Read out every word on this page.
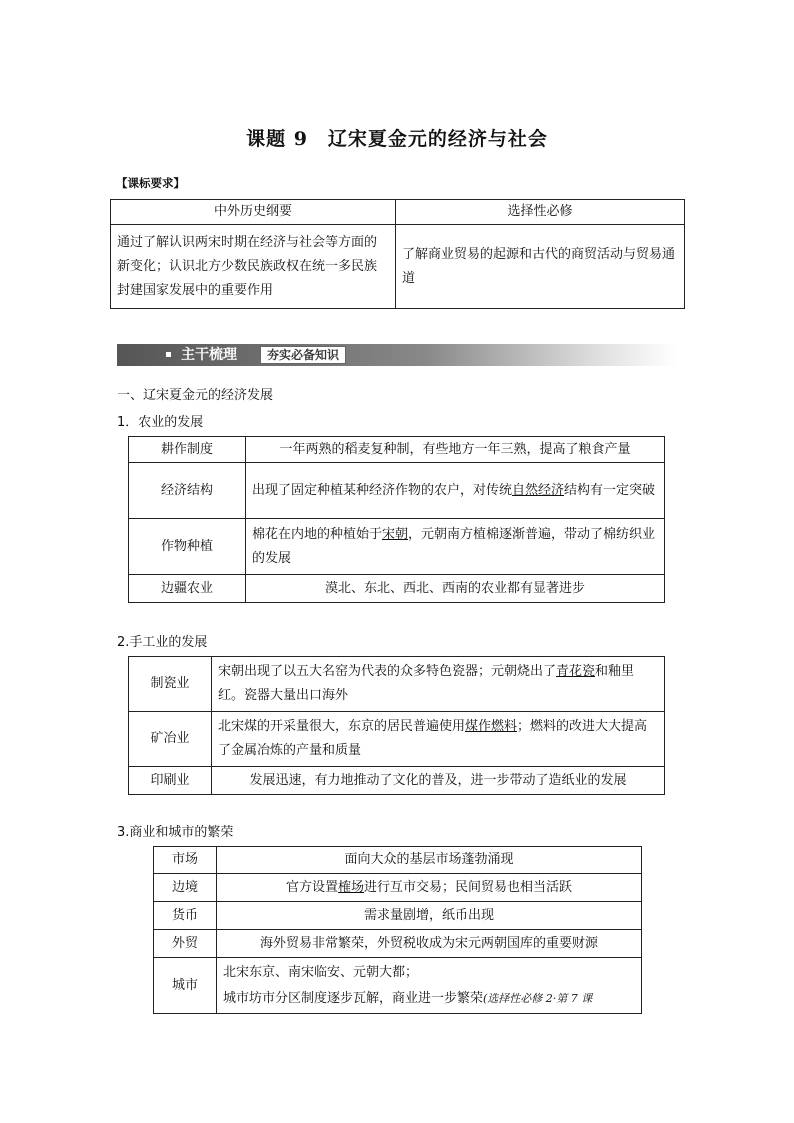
课题 9　辽宋夏金元的经济与社会
【课标要求】
中外历史纲要	选择性必修
通过了解认识两宋时期在经济与社会等方面的新变化；认识北方少数民族政权在统一多民族封建国家发展中的重要作用	了解商业贸易的起源和古代的商贸活动与贸易通道
主干梳理	夯实必备知识
一、辽宋夏金元的经济发展
1．农业的发展
耕作制度	一年两熟的稻麦复种制，有些地方一年三熟，提高了粮食产量
经济结构	出现了固定种植某种经济作物的农户，对传统自然经济结构有一定突破
作物种植	棉花在内地的种植始于宋朝，元朝南方植棉逐渐普遍，带动了棉纺织业的发展
边疆农业	漠北、东北、西北、西南的农业都有显著进步
2.手工业的发展
制瓷业	宋朝出现了以五大名窑为代表的众多特色瓷器；元朝烧出了青花瓷和釉里红。瓷器大量出口海外
矿冶业	北宋煤的开采量很大，东京的居民普遍使用煤作燃料；燃料的改进大大提高了金属冶炼的产量和质量
印刷业	发展迅速，有力地推动了文化的普及，进一步带动了造纸业的发展
3.商业和城市的繁荣
市场	面向大众的基层市场蓬勃涌现
边境	官方设置榷场进行互市交易；民间贸易也相当活跃
货币	需求量剧增，纸币出现
外贸	海外贸易非常繁荣，外贸税收成为宋元两朝国库的重要财源
城市	北宋东京、南宋临安、元朝大都；
城市坊市分区制度逐步瓦解，商业进一步繁荣(选择性必修 2·第 7 课
